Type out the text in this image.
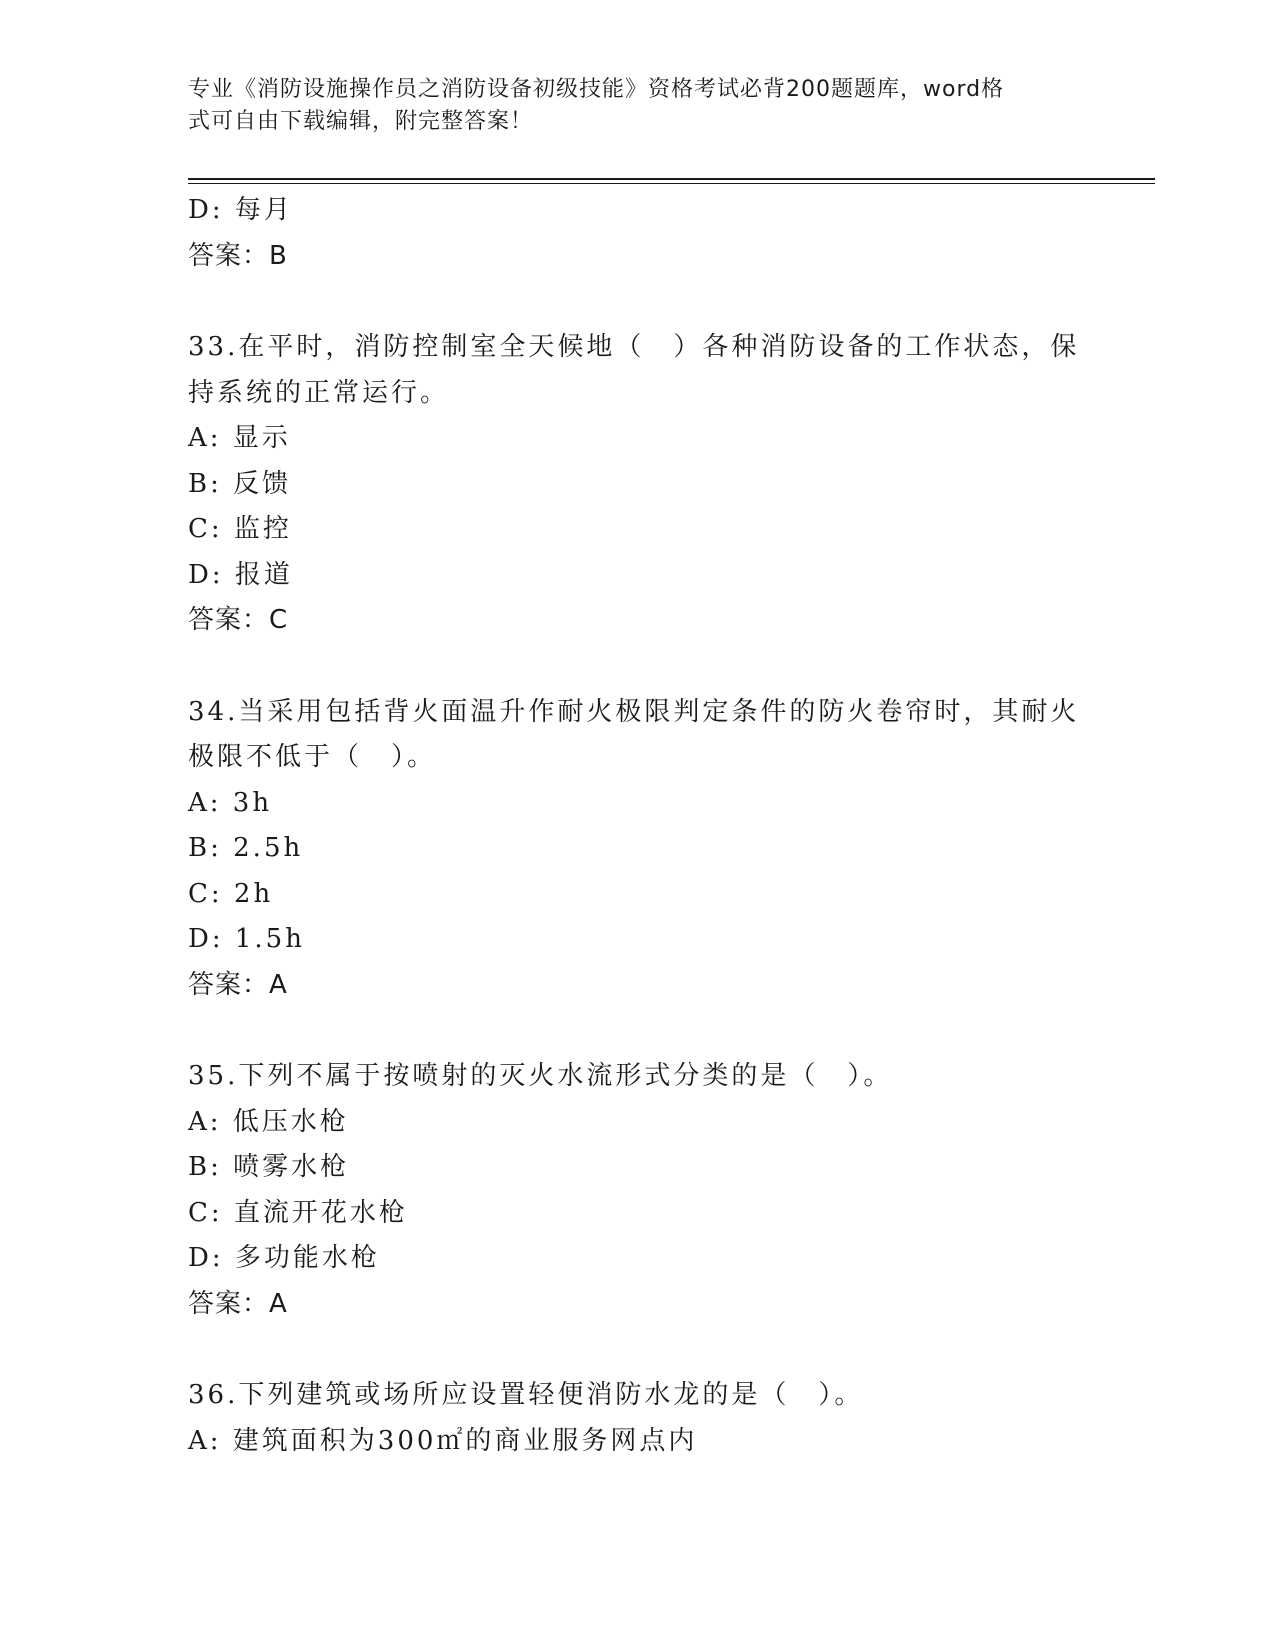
专业《消防设施操作员之消防设备初级技能》资格考试必背200题题库，word格
式可自由下载编辑，附完整答案！
D: 每月
答案：B
33.在平时，消防控制室全天候地（　）各种消防设备的工作状态，保
持系统的正常运行。
A: 显示
B: 反馈
C: 监控
D: 报道
答案：C
34.当采用包括背火面温升作耐火极限判定条件的防火卷帘时，其耐火
极限不低于（　）。
A: 3h
B: 2.5h
C: 2h
D: 1.5h
答案：A
35.下列不属于按喷射的灭火水流形式分类的是（　）。
A: 低压水枪
B: 喷雾水枪
C: 直流开花水枪
D: 多功能水枪
答案：A
36.下列建筑或场所应设置轻便消防水龙的是（　）。
A: 建筑面积为300㎡的商业服务网点内
